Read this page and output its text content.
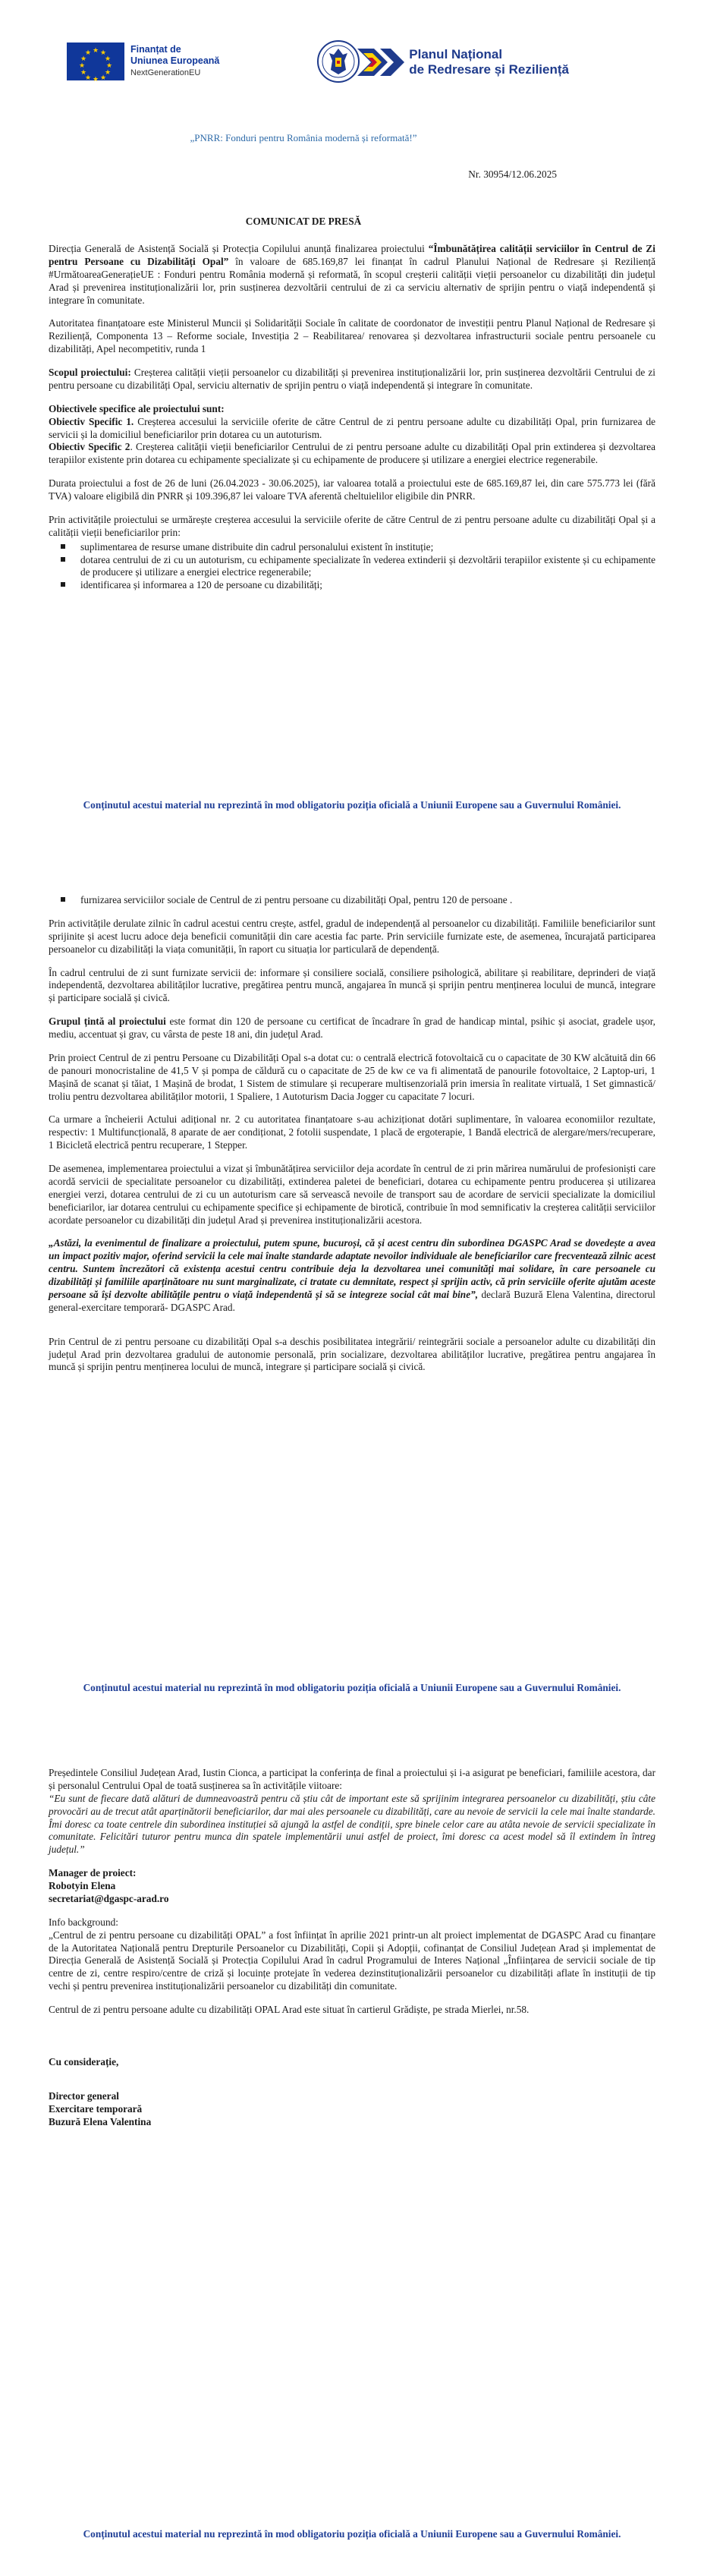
★ ★
★
★
★
★
★
★
★
★
★
★	Finanțat de
Uniunea Europeană
NextGenerationEU
Planul Național
de Redresare și Reziliență
„PNRR: Fonduri pentru România modernă și reformată!”
Nr. 30954/12.06.2025
COMUNICAT DE PRESĂ

Direcția Generală de Asistență Socială și Protecția Copilului anunță finalizarea proiectului “Îmbunătățirea calității serviciilor în Centrul de Zi pentru Persoane cu Dizabilități Opal” în valoare de 685.169,87 lei finanțat în cadrul Planului Național de Redresare și Reziliență #UrmătoareaGenerațieUE : Fonduri pentru România modernă și reformată, în scopul creșterii calității vieții persoanelor cu dizabilități din județul Arad și prevenirea instituționalizării lor, prin susținerea dezvoltării centrului de zi ca serviciu alternativ de sprijin pentru o viață independentă și integrare în comunitate.

Autoritatea finanțatoare este Ministerul Muncii și Solidarității Sociale în calitate de coordonator de investiții pentru Planul Național de Redresare și Reziliență, Componenta 13 – Reforme sociale, Investiția 2 – Reabilitarea/ renovarea și dezvoltarea infrastructurii sociale pentru persoanele cu dizabilități, Apel necompetitiv, runda 1

Scopul proiectului: Creșterea calității vieții persoanelor cu dizabilități și prevenirea instituționalizării lor, prin susținerea dezvoltării Centrului de zi pentru persoane cu dizabilități Opal, serviciu alternativ de sprijin pentru o viață independentă și integrare în comunitate.

Obiectivele specifice ale proiectului sunt:

Obiectiv Specific 1. Creșterea accesului la serviciile oferite de către Centrul de zi pentru persoane adulte cu dizabilități Opal, prin furnizarea de servicii și la domiciliul beneficiarilor prin dotarea cu un autoturism.

Obiectiv Specific 2. Creșterea calității vieții beneficiarilor Centrului de zi pentru persoane adulte cu dizabilități Opal prin extinderea și dezvoltarea terapiilor existente prin dotarea cu echipamente specializate și cu echipamente de producere și utilizare a energiei electrice regenerabile.

Durata proiectului a fost de 26 de luni (26.04.2023 - 30.06.2025), iar valoarea totală a proiectului este de 685.169,87 lei, din care 575.773 lei (fără TVA) valoare eligibilă din PNRR și 109.396,87 lei valoare TVA aferentă cheltuielilor eligibile din PNRR.

Prin activitățile proiectului se urmărește creșterea accesului la serviciile oferite de către Centrul de zi pentru persoane adulte cu dizabilități Opal și a calității vieții beneficiarilor prin:

suplimentarea de resurse umane distribuite din cadrul personalului existent în instituție;
dotarea centrului de zi cu un autoturism, cu echipamente specializate în vederea extinderii și dezvoltării terapiilor existente și cu echipamente de producere și utilizare a energiei electrice regenerabile;
identificarea și informarea a 120 de persoane cu dizabilități;
Conținutul acestui material nu reprezintă în mod obligatoriu poziția oficială a Uniunii Europene sau a Guvernului României.
furnizarea serviciilor sociale de Centrul de zi pentru persoane cu dizabilități Opal, pentru 120 de persoane .

Prin activitățile derulate zilnic în cadrul acestui centru crește, astfel, gradul de independență al persoanelor cu dizabilități. Familiile beneficiarilor sunt sprijinite și acest lucru adoce deja beneficii comunității din care acestia fac parte. Prin serviciile furnizate este, de asemenea, încurajată participarea persoanelor cu dizabilități la viața comunității, în raport cu situația lor particulară de dependență.

În cadrul centrului de zi sunt furnizate servicii de: informare și consiliere socială, consiliere psihologică, abilitare și reabilitare, deprinderi de viață independentă, dezvoltarea abilităților lucrative, pregătirea pentru muncă, angajarea în muncă și sprijin pentru menținerea locului de muncă, integrare și participare socială și civică.

Grupul țintă al proiectului este format din 120 de persoane cu certificat de încadrare în grad de handicap mintal, psihic și asociat, gradele ușor, mediu, accentuat și grav, cu vârsta de peste 18 ani, din județul Arad.

Prin proiect Centrul de zi pentru Persoane cu Dizabilități Opal s-a dotat cu: o centrală electrică fotovoltaică cu o capacitate de 30 KW alcătuită din 66 de panouri monocristaline de 41,5 V și pompa de căldură cu o capacitate de 25 de kw ce va fi alimentată de panourile fotovoltaice, 2 Laptop-uri, 1 Mașină de scanat și tăiat, 1 Mașină de brodat, 1 Sistem de stimulare și recuperare multisenzorială prin imersia în realitate virtuală, 1 Set gimnastică/ troliu pentru dezvoltarea abilităților motorii, 1 Spaliere, 1 Autoturism Dacia Jogger cu capacitate 7 locuri.

Ca urmare a încheierii Actului adițional nr. 2 cu autoritatea finanțatoare s-au achiziționat dotări suplimentare, în valoarea economiilor rezultate, respectiv: 1 Multifuncțională, 8 aparate de aer condiționat, 2 fotolii suspendate, 1 placă de ergoterapie, 1 Bandă electrică de alergare/mers/recuperare, 1 Bicicletă electrică pentru recuperare, 1 Stepper.

De asemenea, implementarea proiectului a vizat și îmbunătățirea serviciilor deja acordate în centrul de zi prin mărirea numărului de profesioniști care acordă servicii de specialitate persoanelor cu dizabilități, extinderea paletei de beneficiari, dotarea cu echipamente pentru producerea și utilizarea energiei verzi, dotarea centrului de zi cu un autoturism care să servească nevoile de transport sau de acordare de servicii specializate la domiciliul beneficiarilor, iar dotarea centrului cu echipamente specifice și echipamente de birotică, contribuie în mod semnificativ la creșterea calității serviciilor acordate persoanelor cu dizabilități din județul Arad și prevenirea instituționalizării acestora.

„Astăzi, la evenimentul de finalizare a proiectului, putem spune, bucuroși, că și acest centru din subordinea DGASPC Arad se dovedește a avea un impact pozitiv major, oferind servicii la cele mai înalte standarde adaptate nevoilor individuale ale beneficiarilor care frecventează zilnic acest centru. Suntem încrezători că existența acestui centru contribuie deja la dezvoltarea unei comunități mai solidare, în care persoanele cu dizabilități și familiile aparținătoare nu sunt marginalizate, ci tratate cu demnitate, respect și sprijin activ, că prin serviciile oferite ajutăm aceste persoane să își dezvolte abilitățile pentru o viață independentă și să se integreze social cât mai bine”, declară Buzură Elena Valentina, directorul general-exercitare temporară- DGASPC Arad.

Prin Centrul de zi pentru persoane cu dizabilități Opal s-a deschis posibilitatea integrării/ reintegrării sociale a persoanelor adulte cu dizabilități din județul Arad prin dezvoltarea gradului de autonomie personală, prin socializare, dezvoltarea abilităților lucrative, pregătirea pentru angajarea în muncă și sprijin pentru menținerea locului de muncă, integrare și participare socială și civică.

Conținutul acestui material nu reprezintă în mod obligatoriu poziția oficială a Uniunii Europene sau a Guvernului României.

Președintele Consiliul Județean Arad, Iustin Cionca, a participat la conferința de final a proiectului și i-a asigurat pe beneficiari, familiile acestora, dar și personalul Centrului Opal de toată susținerea sa în activitățile viitoare:

“Eu sunt de fiecare dată alături de dumneavoastră pentru că știu cât de important este să sprijinim integrarea persoanelor cu dizabilități, știu câte provocări au de trecut atât aparținătorii beneficiarilor, dar mai ales persoanele cu dizabilități, care au nevoie de servicii la cele mai înalte standarde. Îmi doresc ca toate centrele din subordinea instituției să ajungă la astfel de condiții, spre binele celor care au atâta nevoie de servicii specializate în comunitate. Felicitări tuturor pentru munca din spatele implementării unui astfel de proiect, îmi doresc ca acest model să îl extindem în întreg județul.”

Manager de proiect:

Robotyin Elena

secretariat@dgaspc-arad.ro

Info background:

„Centrul de zi pentru persoane cu dizabilități OPAL” a fost înființat în aprilie 2021 printr-un alt proiect implementat de DGASPC Arad cu finanțare de la Autoritatea Națională pentru Drepturile Persoanelor cu Dizabilități, Copii și Adopții, cofinanțat de Consiliul Județean Arad și implementat de Direcția Generală de Asistență Socială și Protecția Copilului Arad în cadrul Programului de Interes Național „Înființarea de servicii sociale de tip centre de zi, centre respiro/centre de criză și locuințe protejate în vederea dezinstituționalizării persoanelor cu dizabilități aflate în instituții de tip vechi și pentru prevenirea instituționalizării persoanelor cu dizabilități din comunitate.

Centrul de zi pentru persoane adulte cu dizabilități OPAL Arad este situat în cartierul Grădiște, pe strada Mierlei, nr.58.

Cu considerație,

Director general

Exercitare temporară

Buzură Elena Valentina

Conținutul acestui material nu reprezintă în mod obligatoriu poziția oficială a Uniunii Europene sau a Guvernului României.
